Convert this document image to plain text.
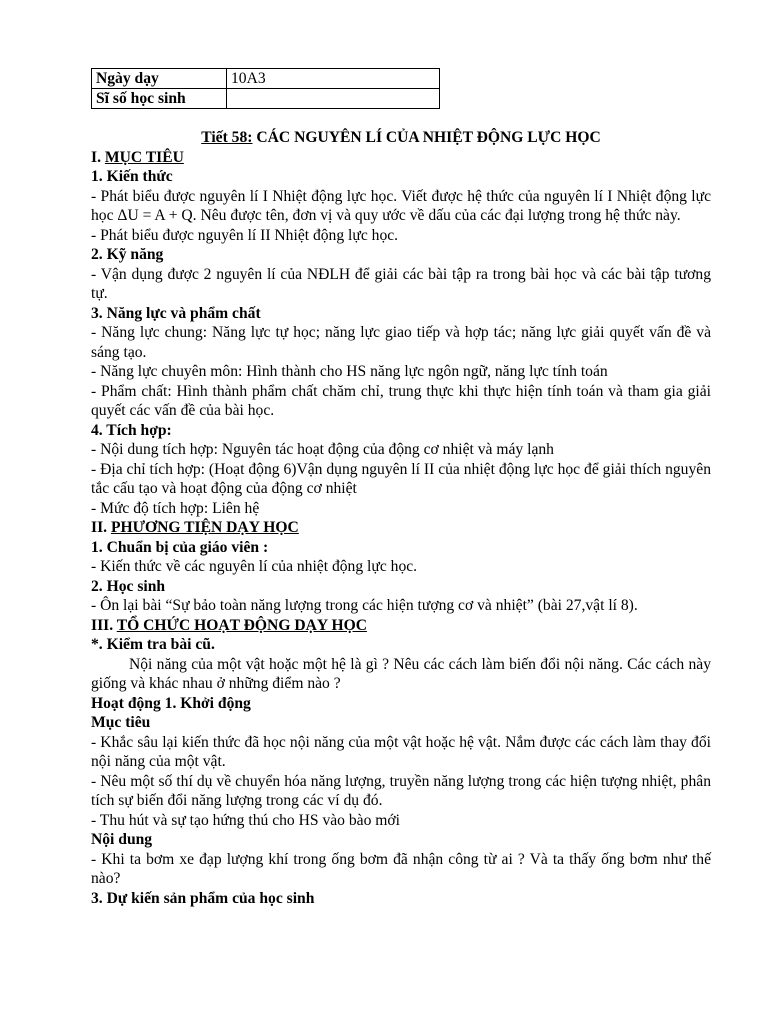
Ngày dạy	10A3
Sĩ số học sinh	

Tiết 58: CÁC NGUYÊN LÍ CỦA NHIỆT ĐỘNG LỰC HỌC

I. MỤC TIÊU

1. Kiến thức

- Phát biểu được nguyên lí I Nhiệt động lực học. Viết được hệ thức của nguyên lí I Nhiệt động lực học ΔU = A + Q. Nêu được tên, đơn vị và quy ước về dấu của các đại lượng trong hệ thức này.

- Phát biểu được nguyên lí II Nhiệt động lực học.

2. Kỹ năng

- Vận dụng được 2 nguyên lí của NĐLH để giải các bài tập ra trong bài học và các bài tập tương tự.

3. Năng lực và phẩm chất

- Năng lực chung: Năng lực tự học; năng lực giao tiếp và hợp tác; năng lực giải quyết vấn đề và sáng tạo.

- Năng lực chuyên môn: Hình thành cho HS năng lực ngôn ngữ, năng lực tính toán

- Phẩm chất: Hình thành phẩm chất chăm chỉ, trung thực khi thực hiện tính toán và tham gia giải quyết các vấn đề của bài học.

4. Tích hợp:

- Nội dung tích hợp: Nguyên tác hoạt động của động cơ nhiệt và máy lạnh

- Địa chỉ tích hợp: (Hoạt động 6)Vận dụng nguyên lí II của nhiệt động lực học để giải thích nguyên tắc cấu tạo và hoạt động của động cơ nhiệt

- Mức độ tích hợp: Liên hệ

II. PHƯƠNG TIỆN DẠY HỌC

1. Chuẩn bị của giáo viên :

- Kiến thức về các nguyên lí của nhiệt động lực học.

2. Học sinh

- Ôn lại bài “Sự bảo toàn năng lượng trong các hiện tượng cơ và nhiệt” (bài 27,vật lí 8).

III. TỔ CHỨC HOẠT ĐỘNG DẠY HỌC

*. Kiểm tra bài cũ.

Nội năng của một vật hoặc một hệ là gì ? Nêu các cách làm biến đổi nội năng. Các cách này giống và khác nhau ở những điểm nào ?

Hoạt động 1. Khởi động

Mục tiêu

- Khắc sâu lại kiến thức đã học nội năng của một vật hoặc hệ vật. Nắm được các cách làm thay đổi nội năng của một vật.

- Nêu một số thí dụ về chuyển hóa năng lượng, truyền năng lượng trong các hiện tượng nhiệt, phân tích sự biến đổi năng lượng trong các ví dụ đó.

- Thu hút và sự tạo hứng thú cho HS vào bào mới

Nội dung

- Khi ta bơm xe đạp lượng khí trong ống bơm đã nhận công từ ai ? Và ta thấy ống bơm như thế nào?

3. Dự kiến sản phẩm của học sinh
